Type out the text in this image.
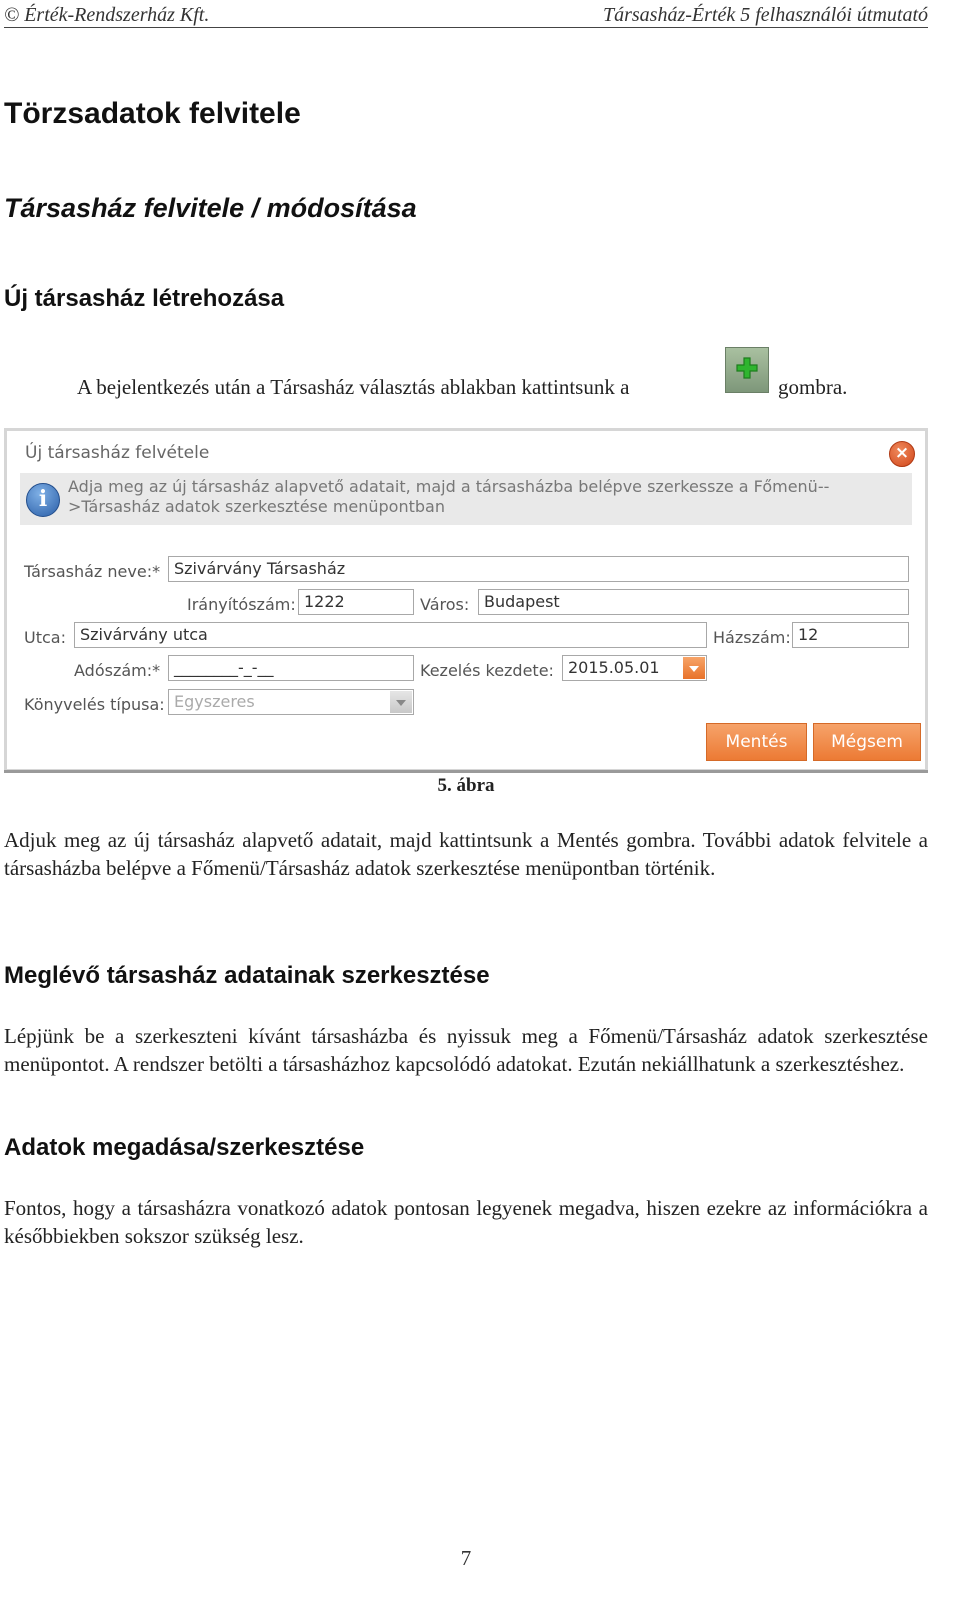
© Érték-Rendszerház Kft.	Társasház-Érték 5 felhasználói útmutató
Törzsadatok felvitele
Társasház felvitele / módosítása
Új társasház létrehozása
A bejelentkezés után a Társasház választás ablakban kattintsunk a	gombra.
Új társasház felvétele	×
i	Adja meg az új társasház alapvető adatait, majd a társasházba belépve szerkessze a Főmenü-->Társasház adatok szerkesztése menüpontban
Társasház neve:* Szivárvány Társasház
Irányítószám: 1222	Város: Budapest
Utca: Szivárvány utca	Házszám: 12
Adószám:* ________-_-__	Kezelés kezdete: 2015.05.01
Könyvelés típusa: Egyszeres
Mentés	Mégsem
5. ábra
Adjuk meg az új társasház alapvető adatait, majd kattintsunk a Mentés gombra. További adatok felvitele a társasházba belépve a Főmenü/Társasház adatok szerkesztése menüpontban történik.
Meglévő társasház adatainak szerkesztése
Lépjünk be a szerkeszteni kívánt társasházba és nyissuk meg a Főmenü/Társasház adatok szerkesztése menüpontot. A rendszer betölti a társasházhoz kapcsolódó adatokat. Ezután nekiállhatunk a szerkesztéshez.
Adatok megadása/szerkesztése
Fontos, hogy a társasházra vonatkozó adatok pontosan legyenek megadva, hiszen ezekre az információkra a későbbiekben sokszor szükség lesz.
7
